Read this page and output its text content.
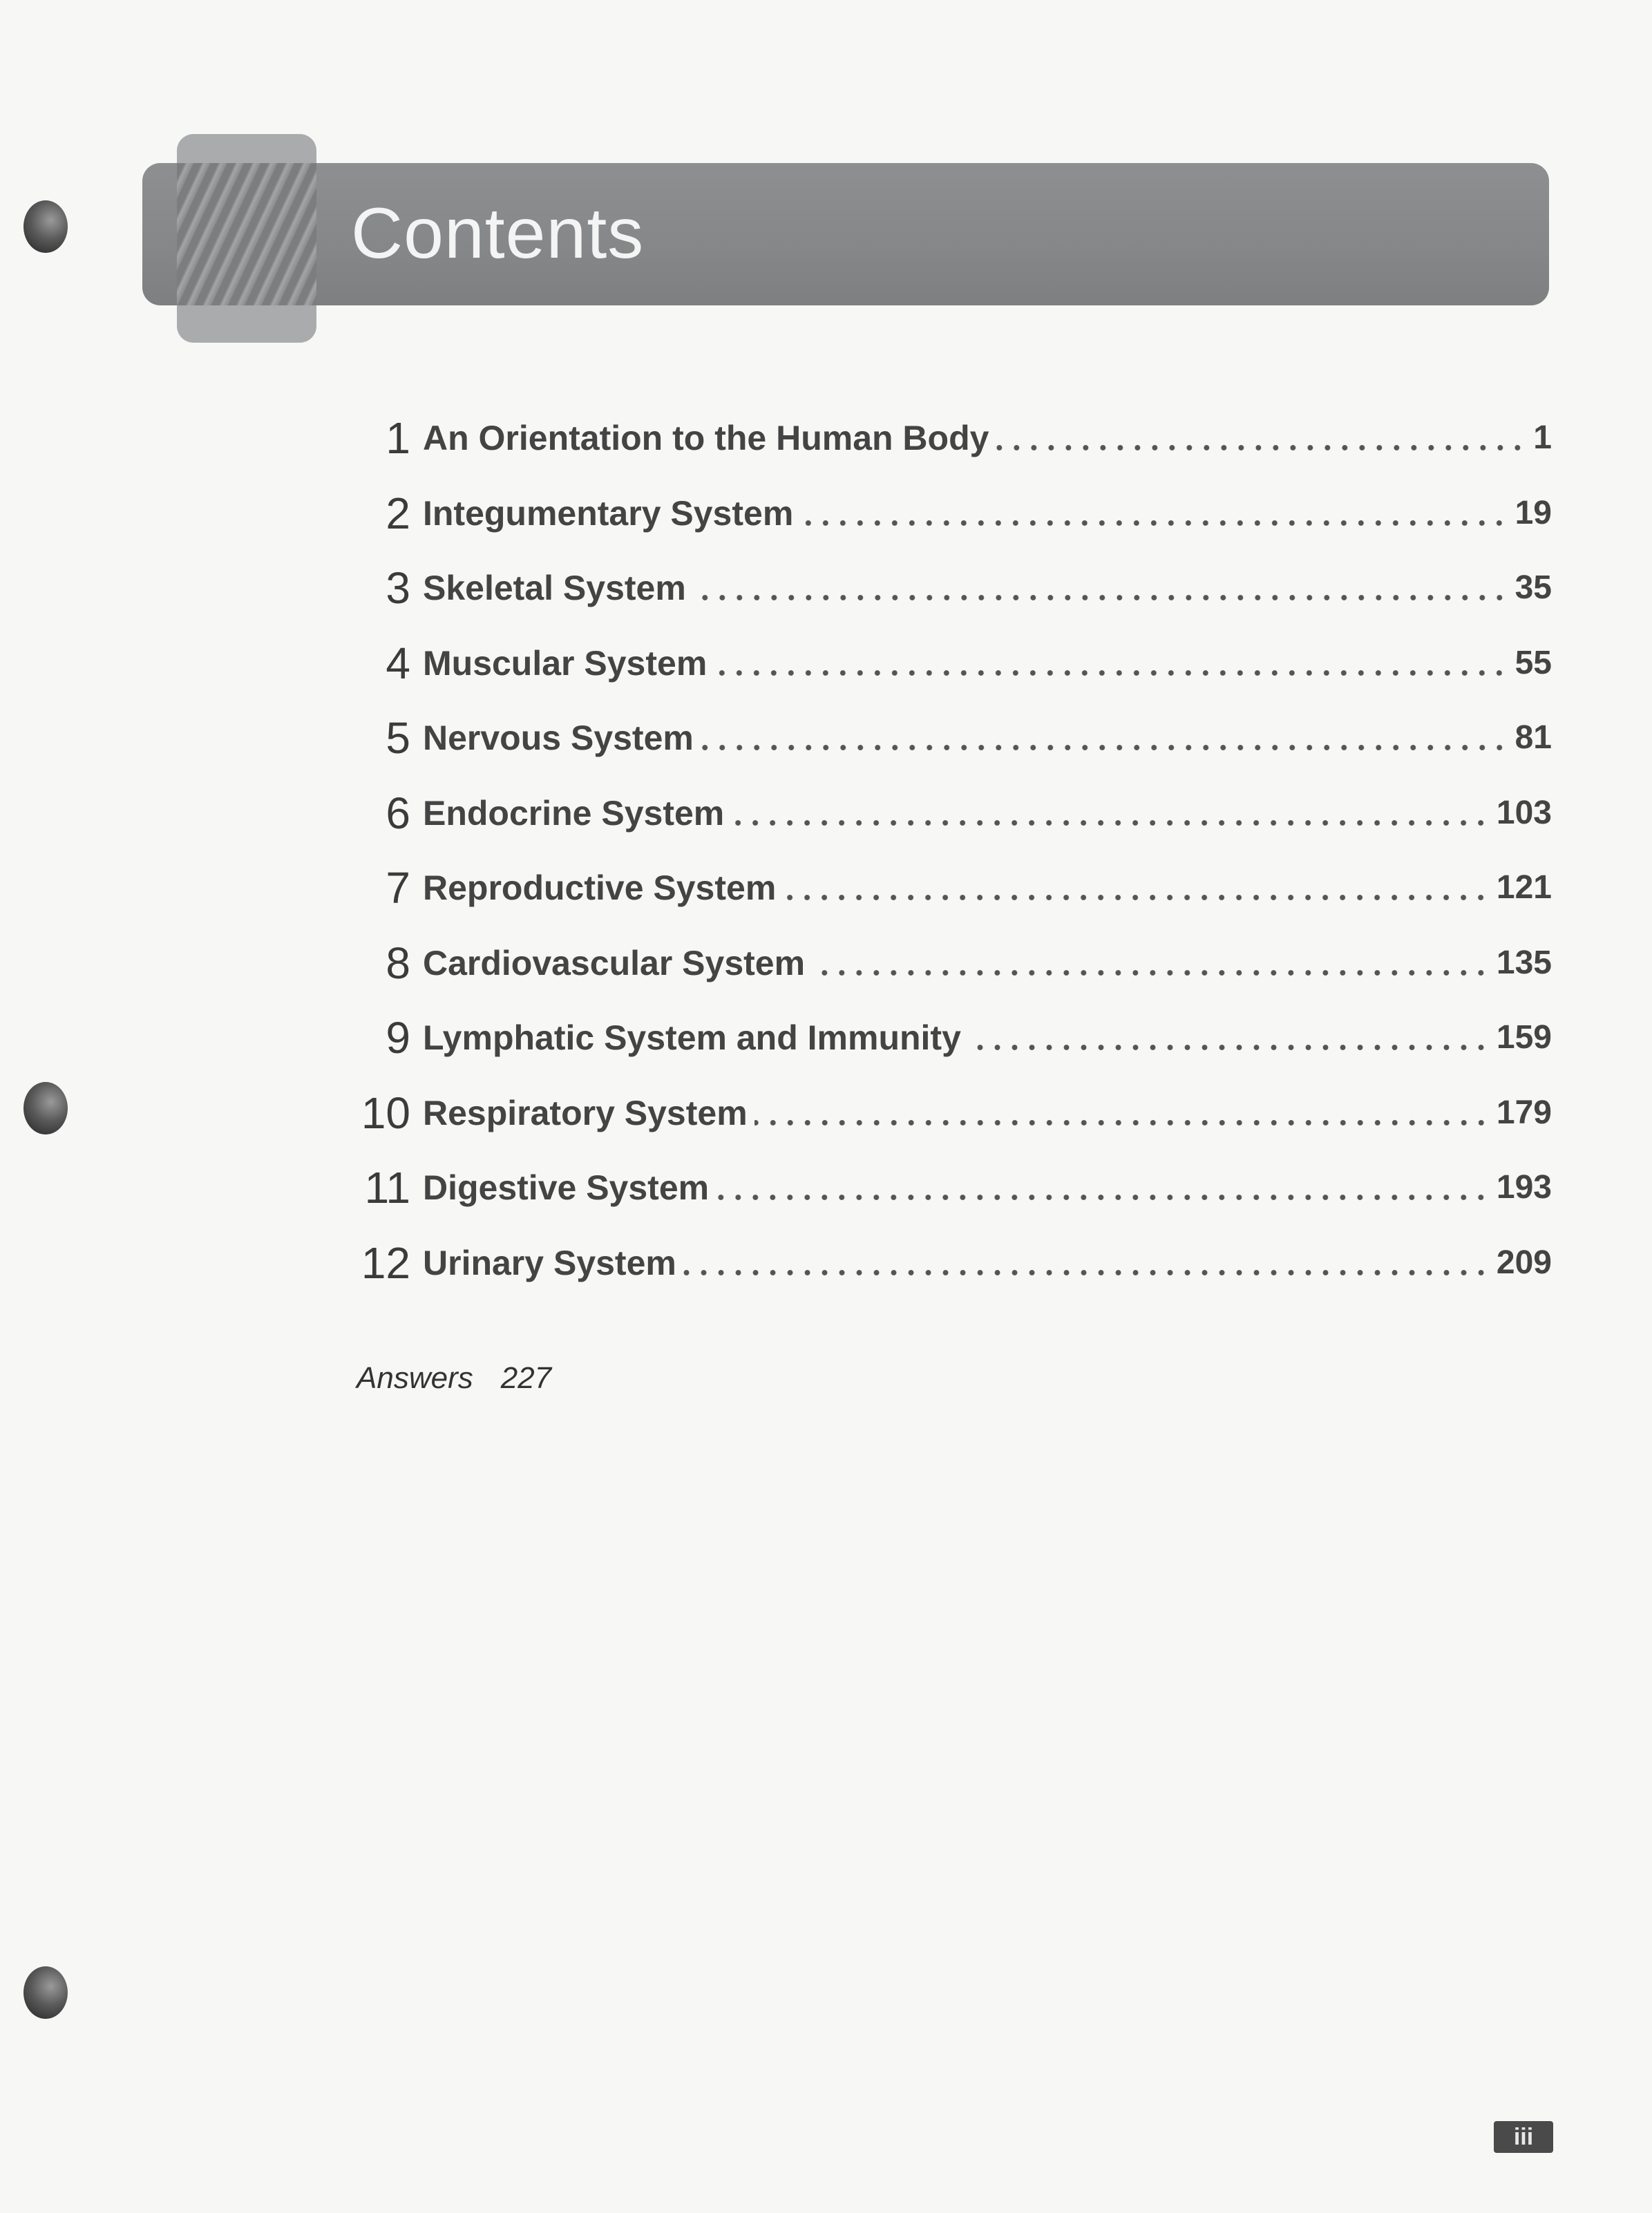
Contents
1 An Orientation to the Human Body	1
2 Integumentary System	19
3 Skeletal System	35
4 Muscular System	55
5 Nervous System	81
6 Endocrine System	103
7 Reproductive System	121
8 Cardiovascular System	135
9 Lymphatic System and Immunity	159
10 Respiratory System	179
11 Digestive System	193
12 Urinary System	209
Answers 227
iii
